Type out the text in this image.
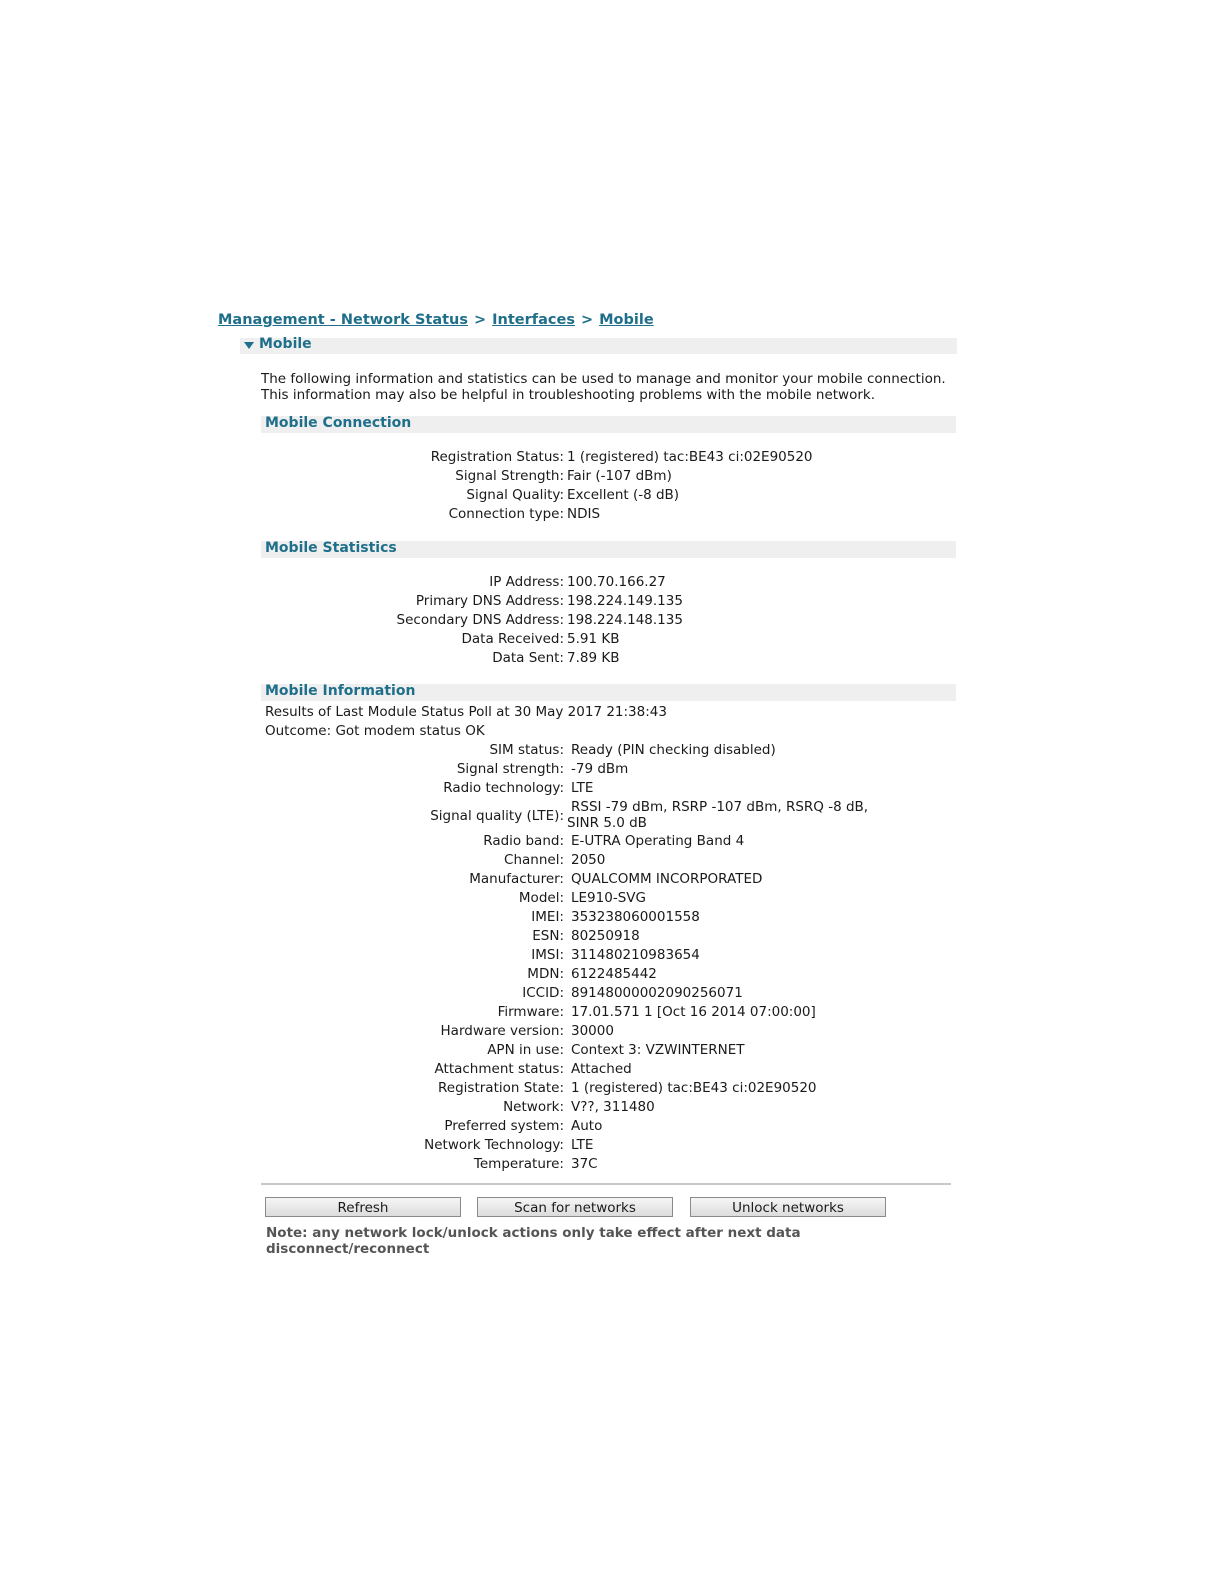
Management - Network Status > Interfaces > Mobile
Mobile
The following information and statistics can be used to manage and monitor your mobile connection.
This information may also be helpful in troubleshooting problems with the mobile network.
Mobile Connection
Registration Status: 1 (registered) tac:BE43 ci:02E90520
Signal Strength: Fair (-107 dBm)
Signal Quality: Excellent (-8 dB)
Connection type: NDIS
Mobile Statistics
IP Address: 100.70.166.27
Primary DNS Address: 198.224.149.135
Secondary DNS Address: 198.224.148.135
Data Received: 5.91 KB
Data Sent: 7.89 KB
Mobile Information
Results of Last Module Status Poll at 30 May 2017 21:38:43
Outcome: Got modem status OK
SIM status: Ready (PIN checking disabled)
Signal strength: -79 dBm
Radio technology: LTE
Signal quality (LTE):
RSSI -79 dBm, RSRP -107 dBm, RSRQ -8 dB,
SINR 5.0 dB
Radio band: E-UTRA Operating Band 4
Channel: 2050
Manufacturer: QUALCOMM INCORPORATED
Model: LE910-SVG
IMEI: 353238060001558
ESN: 80250918
IMSI: 311480210983654
MDN: 6122485442
ICCID: 89148000002090256071
Firmware: 17.01.571 1 [Oct 16 2014 07:00:00]
Hardware version: 30000
APN in use: Context 3: VZWINTERNET
Attachment status: Attached
Registration State: 1 (registered) tac:BE43 ci:02E90520
Network: V??, 311480
Preferred system: Auto
Network Technology: LTE
Temperature: 37C
Refresh	Scan for networks	Unlock networks
Note: any network lock/unlock actions only take effect after next data
disconnect/reconnect
